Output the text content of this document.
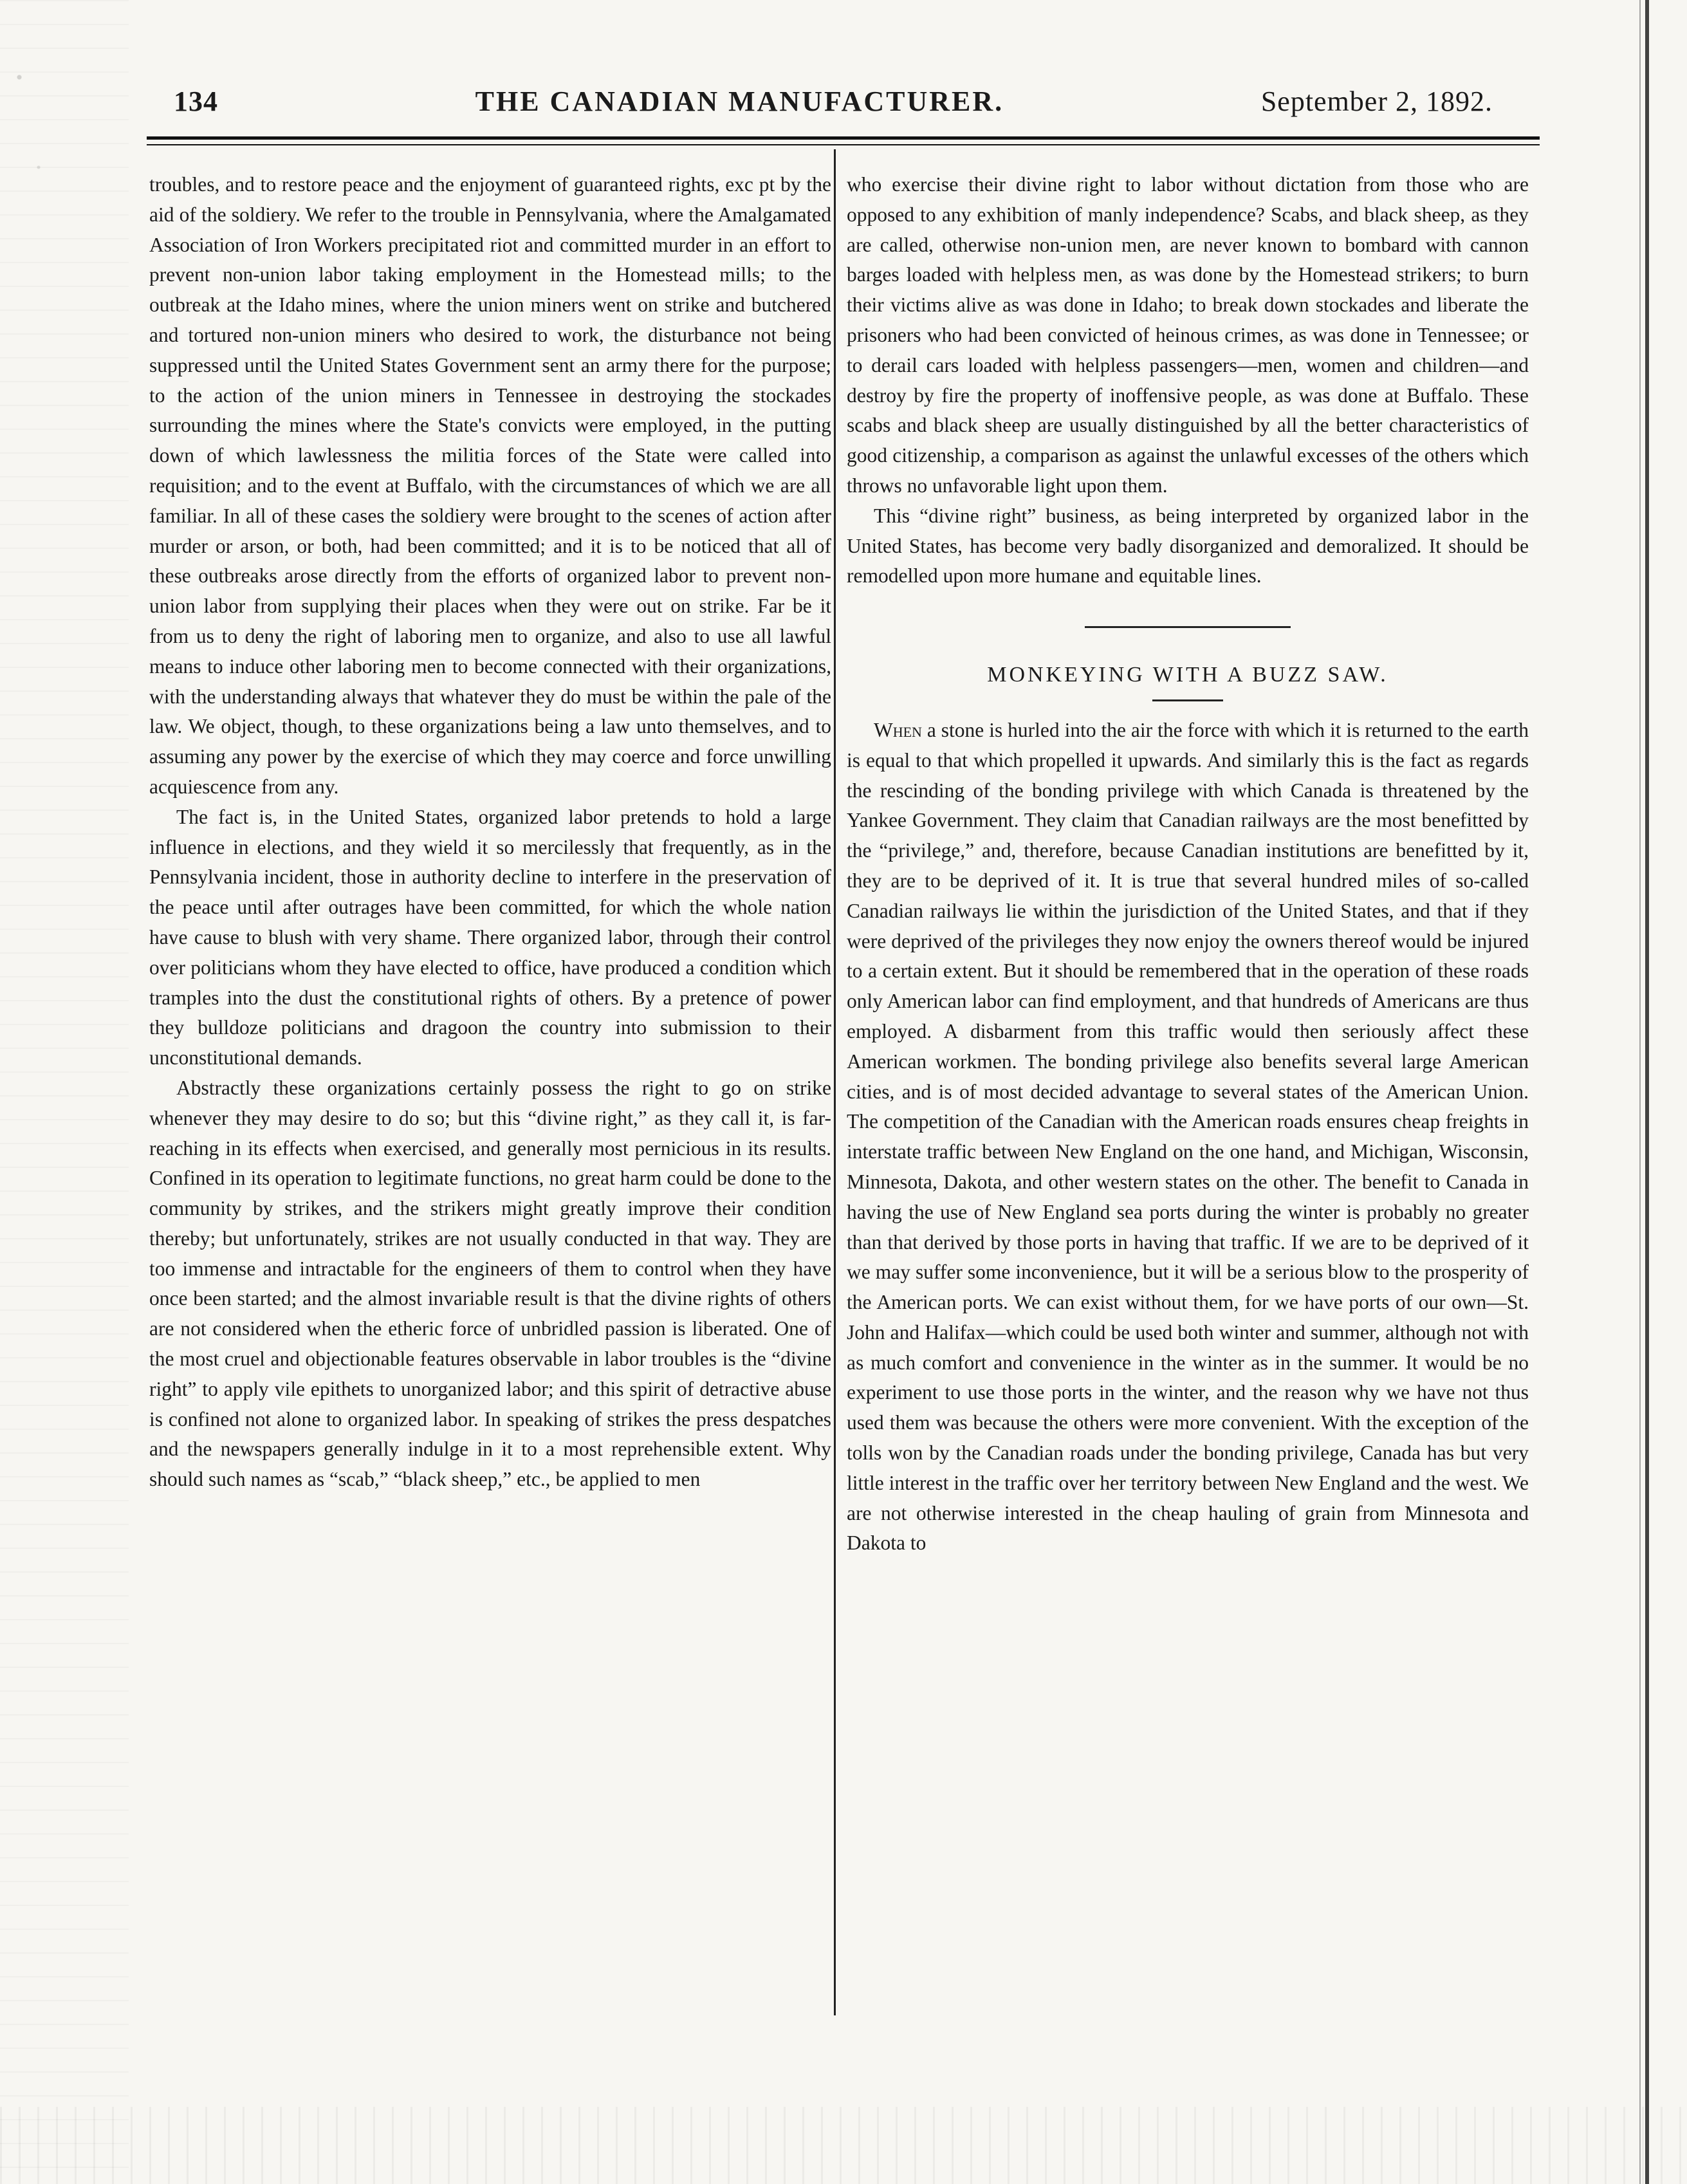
134	THE CANADIAN MANUFACTURER.	September 2, 1892.

troubles, and to restore peace and the enjoyment of guaranteed rights, exc pt by the aid of the soldiery. We refer to the trouble in Pennsylvania, where the Amalgamated Association of Iron Workers precipitated riot and committed murder in an effort to prevent non-union labor taking employment in the Homestead mills; to the outbreak at the Idaho mines, where the union miners went on strike and butchered and tortured non-union miners who desired to work, the disturbance not being suppressed until the United States Government sent an army there for the purpose; to the action of the union miners in Tennessee in destroying the stockades surrounding the mines where the State's convicts were employed, in the putting down of which lawlessness the militia forces of the State were called into requisition; and to the event at Buffalo, with the circumstances of which we are all familiar. In all of these cases the soldiery were brought to the scenes of action after murder or arson, or both, had been committed; and it is to be noticed that all of these outbreaks arose directly from the efforts of organized labor to prevent non-union labor from supplying their places when they were out on strike. Far be it from us to deny the right of laboring men to organize, and also to use all lawful means to induce other laboring men to become connected with their organizations, with the understanding always that whatever they do must be within the pale of the law. We object, though, to these organizations being a law unto themselves, and to assuming any power by the exercise of which they may coerce and force unwilling acquiescence from any.

The fact is, in the United States, organized labor pretends to hold a large influence in elections, and they wield it so mercilessly that frequently, as in the Pennsylvania incident, those in authority decline to interfere in the preservation of the peace until after outrages have been committed, for which the whole nation have cause to blush with very shame. There organized labor, through their control over politicians whom they have elected to office, have produced a condition which tramples into the dust the constitutional rights of others. By a pretence of power they bulldoze politicians and dragoon the country into submission to their unconstitutional demands.

Abstractly these organizations certainly possess the right to go on strike whenever they may desire to do so; but this “divine right,” as they call it, is far-reaching in its effects when exercised, and generally most pernicious in its results. Confined in its operation to legitimate functions, no great harm could be done to the community by strikes, and the strikers might greatly improve their condition thereby; but unfortunately, strikes are not usually conducted in that way. They are too immense and intractable for the engineers of them to control when they have once been started; and the almost invariable result is that the divine rights of others are not considered when the etheric force of unbridled passion is liberated. One of the most cruel and objectionable features observable in labor troubles is the “divine right” to apply vile epithets to unorganized labor; and this spirit of detractive abuse is confined not alone to organized labor. In speaking of strikes the press despatches and the newspapers generally indulge in it to a most reprehensible extent. Why should such names as “scab,” “black sheep,” etc., be applied to men

who exercise their divine right to labor without dictation from those who are opposed to any exhibition of manly independence? Scabs, and black sheep, as they are called, otherwise non-union men, are never known to bombard with cannon barges loaded with helpless men, as was done by the Homestead strikers; to burn their victims alive as was done in Idaho; to break down stockades and liberate the prisoners who had been convicted of heinous crimes, as was done in Tennessee; or to derail cars loaded with helpless passengers—men, women and children—and destroy by fire the property of inoffensive people, as was done at Buffalo. These scabs and black sheep are usually distinguished by all the better characteristics of good citizenship, a comparison as against the unlawful excesses of the others which throws no unfavorable light upon them.

This “divine right” business, as being interpreted by organized labor in the United States, has become very badly disorganized and demoralized. It should be remodelled upon more humane and equitable lines.

MONKEYING WITH A BUZZ SAW.

When a stone is hurled into the air the force with which it is returned to the earth is equal to that which propelled it upwards. And similarly this is the fact as regards the rescinding of the bonding privilege with which Canada is threatened by the Yankee Government. They claim that Canadian railways are the most benefitted by the “privilege,” and, therefore, because Canadian institutions are benefitted by it, they are to be deprived of it. It is true that several hundred miles of so-called Canadian railways lie within the jurisdiction of the United States, and that if they were deprived of the privileges they now enjoy the owners thereof would be injured to a certain extent. But it should be remembered that in the operation of these roads only American labor can find employment, and that hundreds of Americans are thus employed. A disbarment from this traffic would then seriously affect these American workmen. The bonding privilege also benefits several large American cities, and is of most decided advantage to several states of the American Union. The competition of the Canadian with the American roads ensures cheap freights in interstate traffic between New England on the one hand, and Michigan, Wisconsin, Minnesota, Dakota, and other western states on the other. The benefit to Canada in having the use of New England sea ports during the winter is probably no greater than that derived by those ports in having that traffic. If we are to be deprived of it we may suffer some inconvenience, but it will be a serious blow to the prosperity of the American ports. We can exist without them, for we have ports of our own—St. John and Halifax—which could be used both winter and summer, although not with as much comfort and convenience in the winter as in the summer. It would be no experiment to use those ports in the winter, and the reason why we have not thus used them was because the others were more convenient. With the exception of the tolls won by the Canadian roads under the bonding privilege, Canada has but very little interest in the traffic over her territory between New England and the west. We are not otherwise interested in the cheap hauling of grain from Minnesota and Dakota to
